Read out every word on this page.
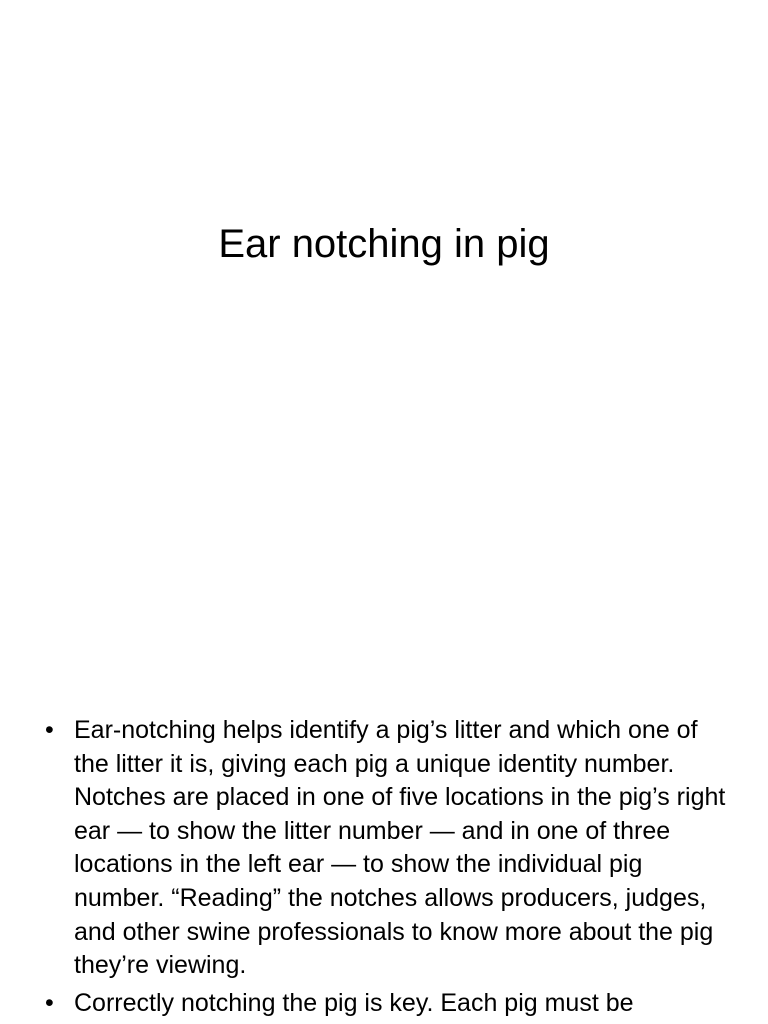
Ear notching in pig
• Ear-notching helps identify a pig’s litter and which one of the litter it is, giving each pig a unique identity number. Notches are placed in one of five locations in the pig’s right ear — to show the litter number — and in one of three locations in the left ear — to show the individual pig number. “Reading” the notches allows producers, judges, and other swine professionals to know more about the pig they’re viewing.
• Correctly notching the pig is key. Each pig must be
